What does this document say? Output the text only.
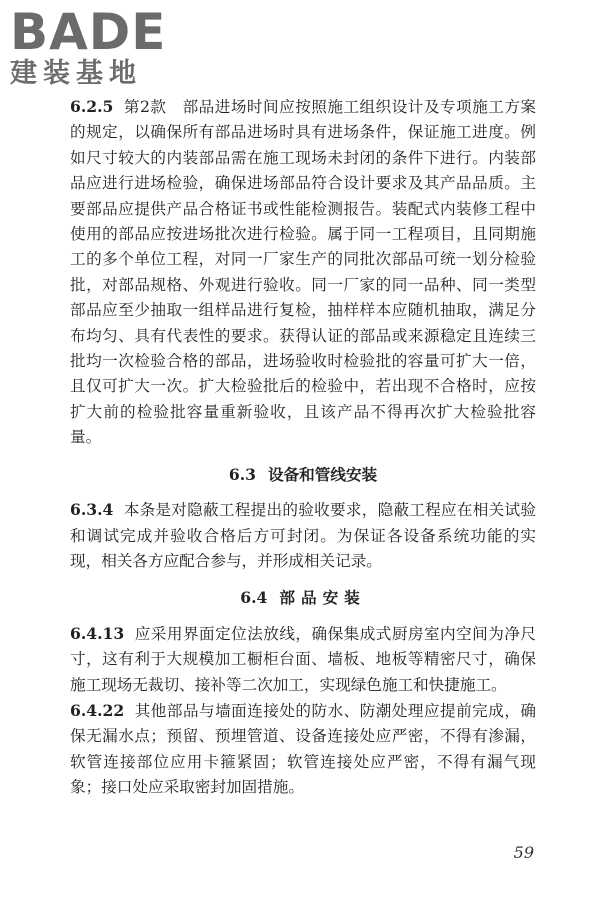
BADE
建装基地

6.2.5 第2款　部品进场时间应按照施工组织设计及专项施工方案的规定，以确保所有部品进场时具有进场条件，保证施工进度。例如尺寸较大的内装部品需在施工现场未封闭的条件下进行。内装部品应进行进场检验，确保进场部品符合设计要求及其产品品质。主要部品应提供产品合格证书或性能检测报告。装配式内装修工程中使用的部品应按进场批次进行检验。属于同一工程项目，且同期施工的多个单位工程，对同一厂家生产的同批次部品可统一划分检验批，对部品规格、外观进行验收。同一厂家的同一品种、同一类型部品应至少抽取一组样品进行复检，抽样样本应随机抽取，满足分布均匀、具有代表性的要求。获得认证的部品或来源稳定且连续三批均一次检验合格的部品，进场验收时检验批的容量可扩大一倍，且仅可扩大一次。扩大检验批后的检验中，若出现不合格时，应按扩大前的检验批容量重新验收，且该产品不得再次扩大检验批容量。

6.3 设备和管线安装

6.3.4 本条是对隐蔽工程提出的验收要求，隐蔽工程应在相关试验和调试完成并验收合格后方可封闭。为保证各设备系统功能的实现，相关各方应配合参与，并形成相关记录。

6.4 部品安装

6.4.13 应采用界面定位法放线，确保集成式厨房室内空间为净尺寸，这有利于大规模加工橱柜台面、墙板、地板等精密尺寸，确保施工现场无裁切、接补等二次加工，实现绿色施工和快捷施工。

6.4.22 其他部品与墙面连接处的防水、防潮处理应提前完成，确保无漏水点；预留、预埋管道、设备连接处应严密，不得有渗漏，软管连接部位应用卡箍紧固；软管连接处应严密，不得有漏气现象；接口处应采取密封加固措施。

59
